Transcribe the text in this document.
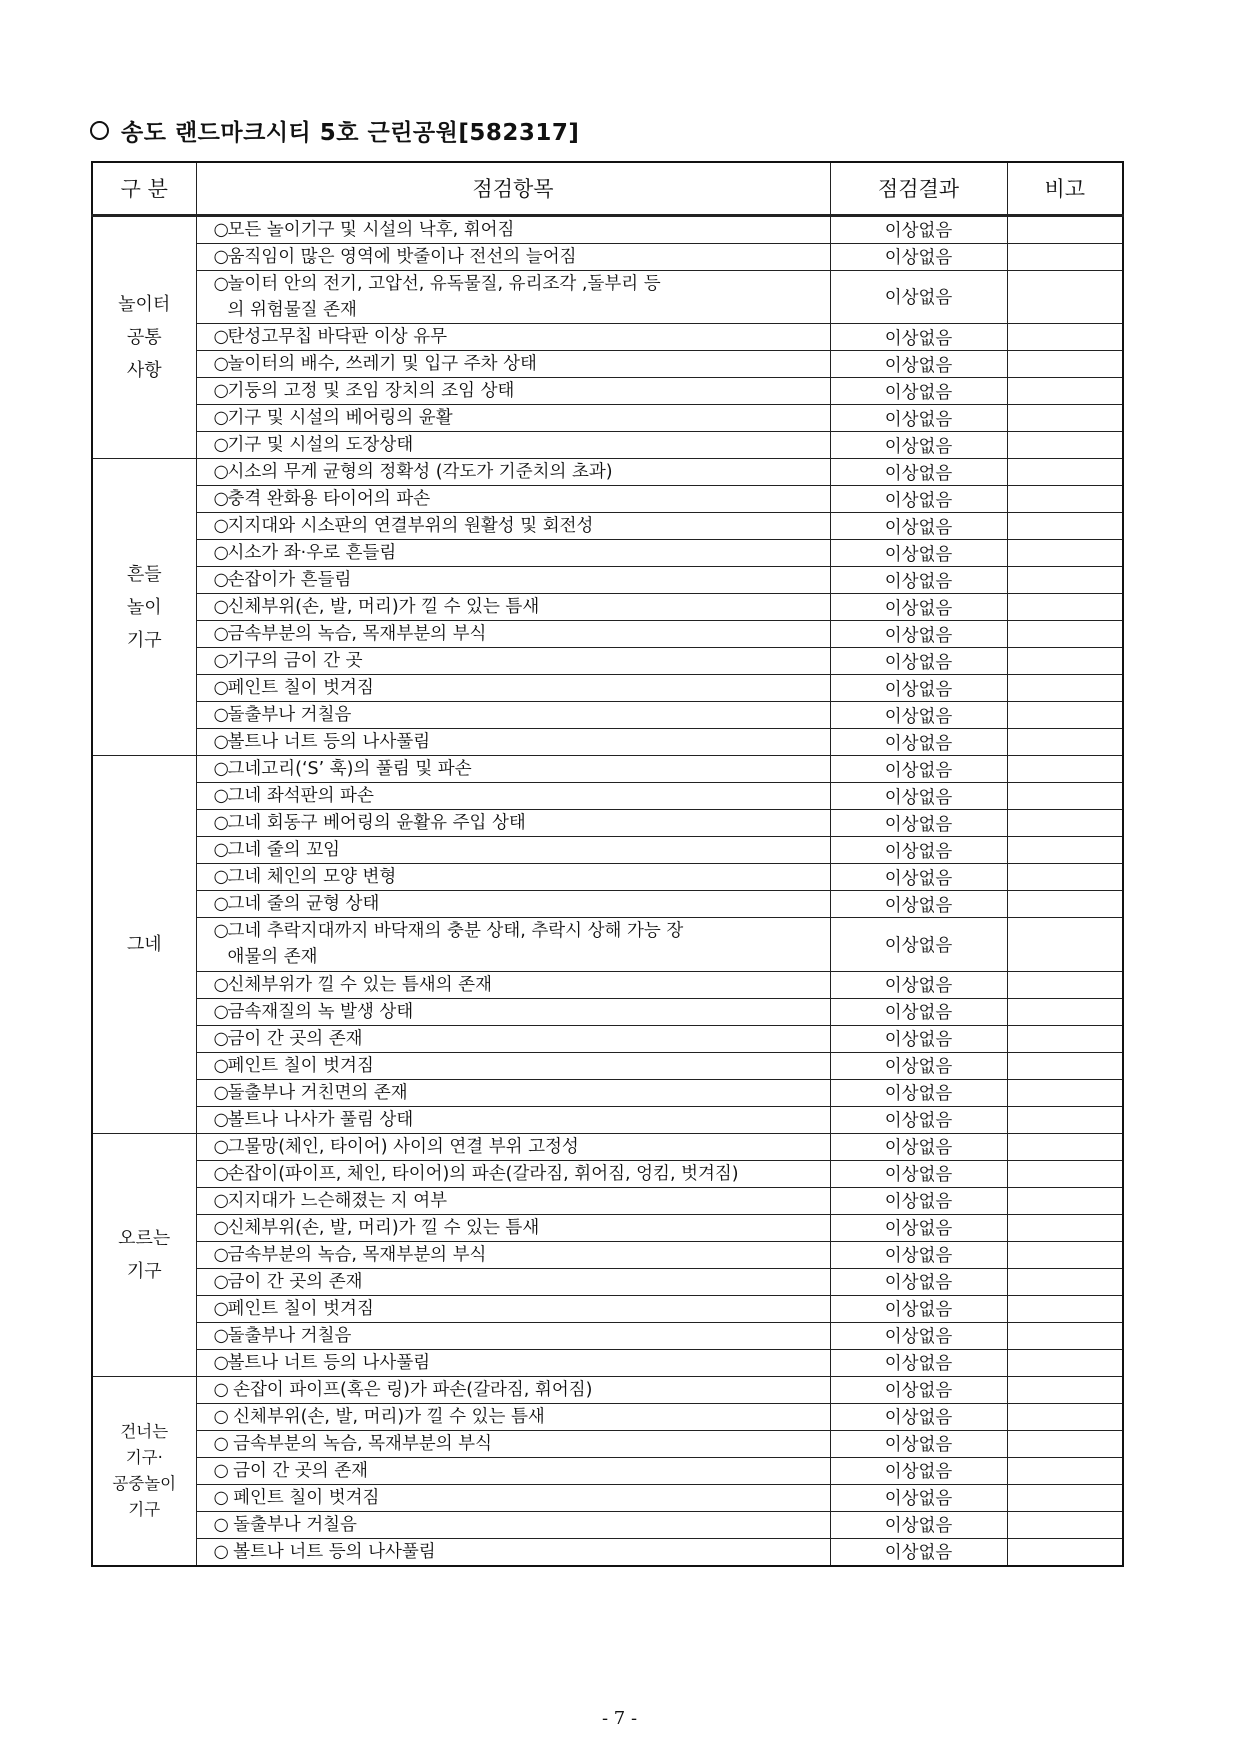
송도 랜드마크시티 5호 근린공원[582317]
구 분	점검항목	점검결과	비고

놀이터
공통
사항	○모든 놀이기구 및 시설의 낙후, 휘어짐	이상없음	
	○움직임이 많은 영역에 밧줄이나 전선의 늘어짐	이상없음	
	○놀이터 안의 전기, 고압선, 유독물질, 유리조각 ,돌부리 등
의 위험물질 존재	이상없음	
	○탄성고무칩 바닥판 이상 유무	이상없음	
	○놀이터의 배수, 쓰레기 및 입구 주차 상태	이상없음	
	○기둥의 고정 및 조임 장치의 조임 상태	이상없음	
	○기구 및 시설의 베어링의 윤활	이상없음	
	○기구 및 시설의 도장상태	이상없음	

흔들
놀이
기구	○시소의 무게 균형의 정확성 (각도가 기준치의 초과)	이상없음	
	○충격 완화용 타이어의 파손	이상없음	
	○지지대와 시소판의 연결부위의 원활성 및 회전성	이상없음	
	○시소가 좌·우로 흔들림	이상없음	
	○손잡이가 흔들림	이상없음	
	○신체부위(손, 발, 머리)가 낄 수 있는 틈새	이상없음	
	○금속부분의 녹슴, 목재부분의 부식	이상없음	
	○기구의 금이 간 곳	이상없음	
	○페인트 칠이 벗겨짐	이상없음	
	○돌출부나 거칠음	이상없음	
	○볼트나 너트 등의 나사풀림	이상없음	

그네	○그네고리(‘S’ 훅)의 풀림 및 파손	이상없음	
	○그네 좌석판의 파손	이상없음	
	○그네 회동구 베어링의 윤활유 주입 상태	이상없음	
	○그네 줄의 꼬임	이상없음	
	○그네 체인의 모양 변형	이상없음	
	○그네 줄의 균형 상태	이상없음	
	○그네 추락지대까지 바닥재의 충분 상태, 추락시 상해 가능 장
애물의 존재	이상없음	
	○신체부위가 낄 수 있는 틈새의 존재	이상없음	
	○금속재질의 녹 발생 상태	이상없음	
	○금이 간 곳의 존재	이상없음	
	○페인트 칠이 벗겨짐	이상없음	
	○돌출부나 거친면의 존재	이상없음	
	○볼트나 나사가 풀림 상태	이상없음	

오르는
기구	○그물망(체인, 타이어) 사이의 연결 부위 고정성	이상없음	
	○손잡이(파이프, 체인, 타이어)의 파손(갈라짐, 휘어짐, 엉킴, 벗겨짐)	이상없음	
	○지지대가 느슨해졌는 지 여부	이상없음	
	○신체부위(손, 발, 머리)가 낄 수 있는 틈새	이상없음	
	○금속부분의 녹슴, 목재부분의 부식	이상없음	
	○금이 간 곳의 존재	이상없음	
	○페인트 칠이 벗겨짐	이상없음	
	○돌출부나 거칠음	이상없음	
	○볼트나 너트 등의 나사풀림	이상없음	

건너는
기구·
공중놀이
기구	○ 손잡이 파이프(혹은 링)가 파손(갈라짐, 휘어짐)	이상없음	
	○ 신체부위(손, 발, 머리)가 낄 수 있는 틈새	이상없음	
	○ 금속부분의 녹슴, 목재부분의 부식	이상없음	
	○ 금이 간 곳의 존재	이상없음	
	○ 페인트 칠이 벗겨짐	이상없음	
	○ 돌출부나 거칠음	이상없음	
	○ 볼트나 너트 등의 나사풀림	이상없음	
- 7 -
